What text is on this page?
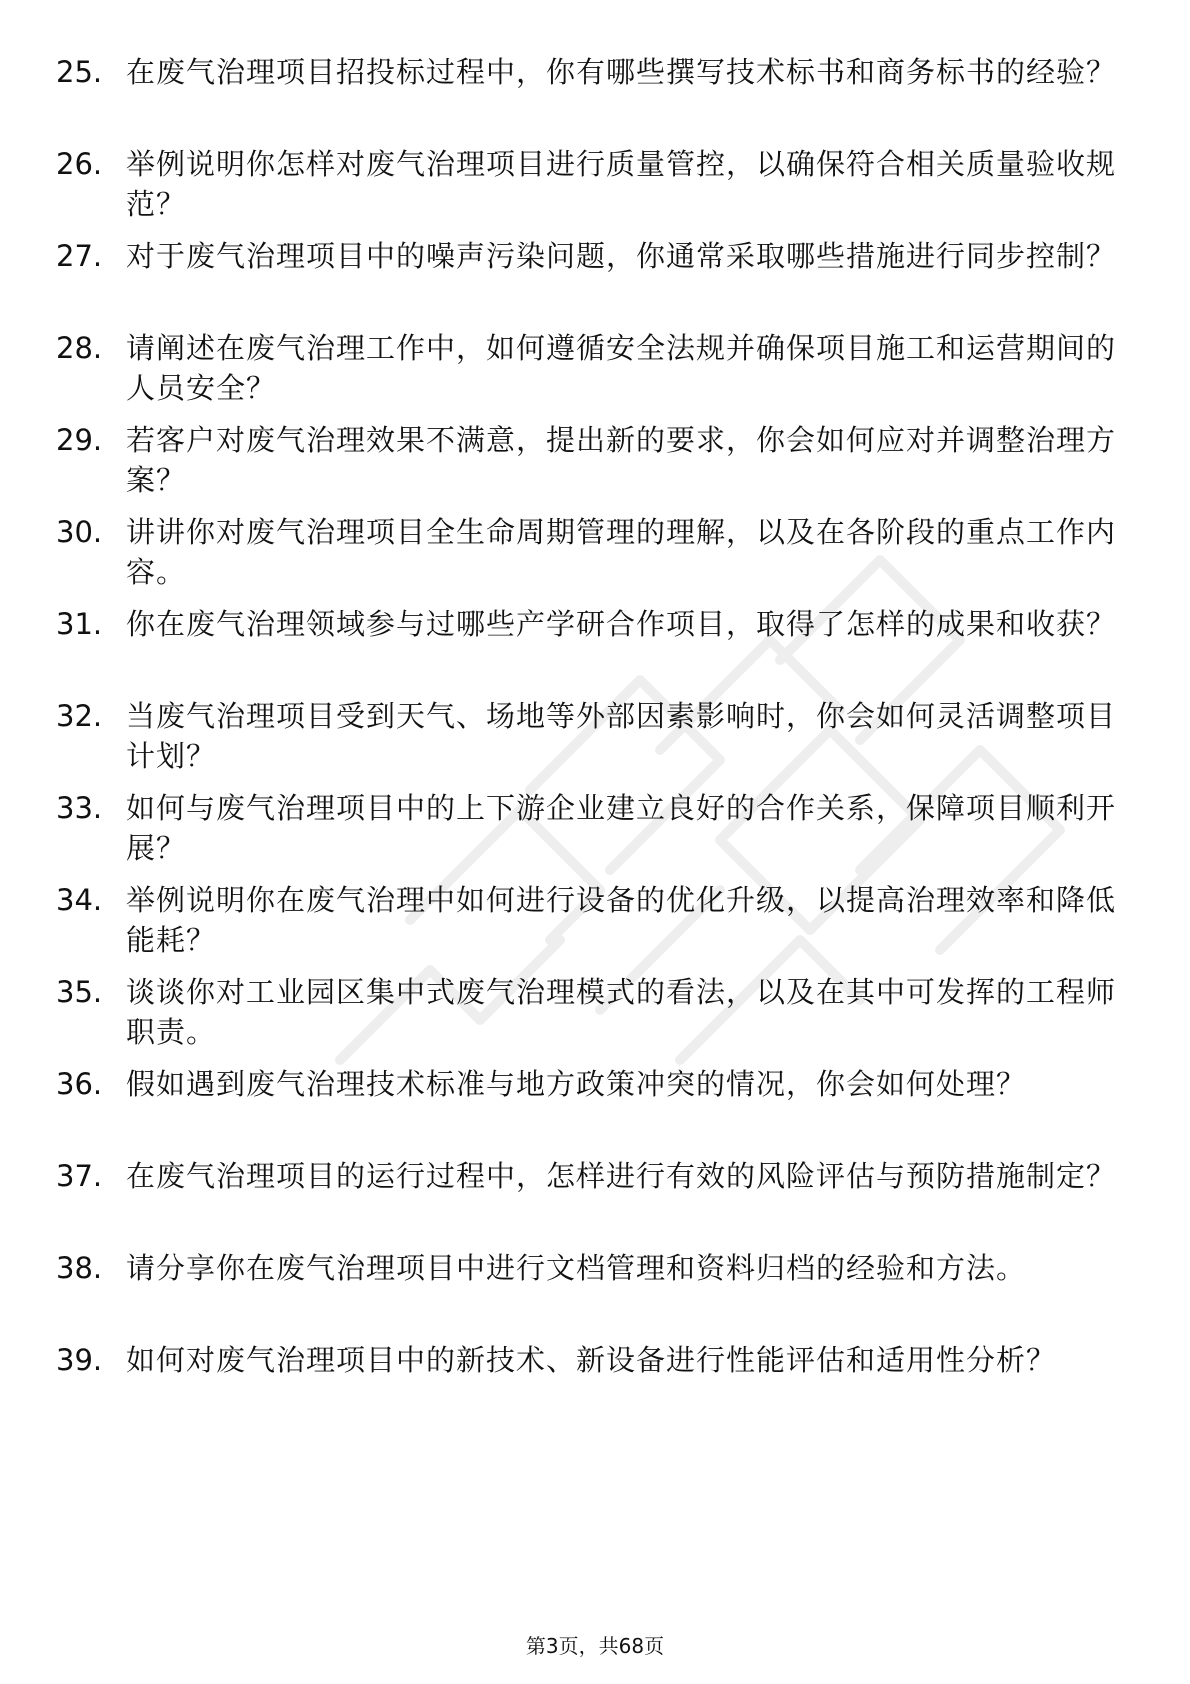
25. 在废气治理项目招投标过程中，你有哪些撰写技术标书和商务标书的经验？
26. 举例说明你怎样对废气治理项目进行质量管控，以确保符合相关质量验收规范？
27. 对于废气治理项目中的噪声污染问题，你通常采取哪些措施进行同步控制？
28. 请阐述在废气治理工作中，如何遵循安全法规并确保项目施工和运营期间的人员安全？
29. 若客户对废气治理效果不满意，提出新的要求，你会如何应对并调整治理方案？
30. 讲讲你对废气治理项目全生命周期管理的理解，以及在各阶段的重点工作内容。
31. 你在废气治理领域参与过哪些产学研合作项目，取得了怎样的成果和收获？
32. 当废气治理项目受到天气、场地等外部因素影响时，你会如何灵活调整项目计划？
33. 如何与废气治理项目中的上下游企业建立良好的合作关系，保障项目顺利开展？
34. 举例说明你在废气治理中如何进行设备的优化升级，以提高治理效率和降低能耗？
35. 谈谈你对工业园区集中式废气治理模式的看法，以及在其中可发挥的工程师职责。
36. 假如遇到废气治理技术标准与地方政策冲突的情况，你会如何处理？
37. 在废气治理项目的运行过程中，怎样进行有效的风险评估与预防措施制定？
38. 请分享你在废气治理项目中进行文档管理和资料归档的经验和方法。
39. 如何对废气治理项目中的新技术、新设备进行性能评估和适用性分析？
第3页，共68页
